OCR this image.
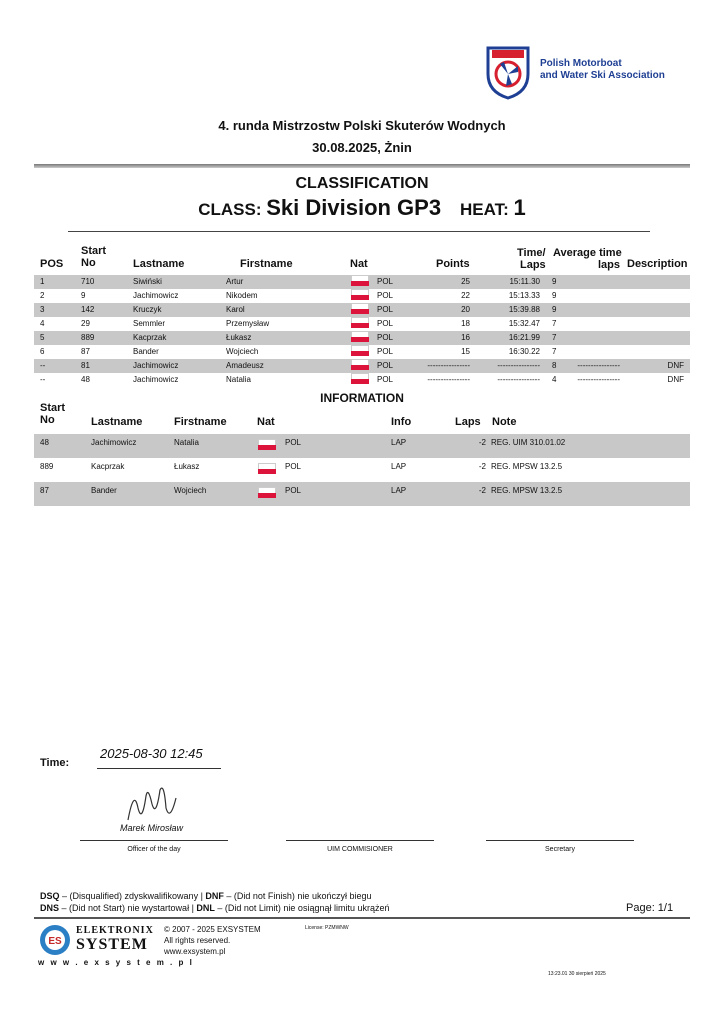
Polish Motorboat
and Water Ski Association
4. runda Mistrzostw Polski Skuterów Wodnych
30.08.2025, Żnin
CLASSIFICATION
CLASS: Ski Division GP3 HEAT: 1
POS
Start
No	Lastname	Firstname	Nat	Points
Time/
Laps
Average time
laps Description
1	710	Siwiński	Artur	POL	25	15:11.30 9
2	9	Jachimowicz	Nikodem	POL	22	15:13.33 9
3	142	Kruczyk	Karol	POL	20	15:39.88 9
4	29	Semmler	Przemysław	POL	18	15:32.47 7
5	889	Kacprzak	Łukasz	POL	16	16:21.99 7
6	87	Bander	Wojciech	POL	15	16:30.22 7
--	81	Jachimowicz	Amadeusz	POL	----------------	---------------- 8	----------------	DNF
--	48	Jachimowicz	Natalia	POL	----------------	---------------- 4	----------------	DNF
INFORMATION
Start
No	Lastname	Firstname	Nat	Info	Laps Note
48	Jachimowicz	Natalia	POL	LAP	-2 REG. UIM 310.01.02
889	Kacprzak	Łukasz	POL	LAP	-2 REG. MPSW 13.2.5
87	Bander	Wojciech	POL	LAP	-2 REG. MPSW 13.2.5
Time:
2025-08-30 12:45
Marek Mirosław
Officer of the day	UIM COMMISIONER	Secretary
DSQ – (Disqualified) zdyskwalifikowany | DNF – (Did not Finish) nie ukończył biegu
DNS – (Did not Start) nie wystartował | DNL – (Did not Limit) nie osiągnął limitu ukrążeń	Page: 1/1
ES
ELEKTRONIX
SYSTEM
© 2007 - 2025 EXSYSTEM
All rights reserved.
www.exsystem.pl
License: PZMWNW
w w w . e x s y s t e m . p l
13:23.01 30 sierpień 2025
